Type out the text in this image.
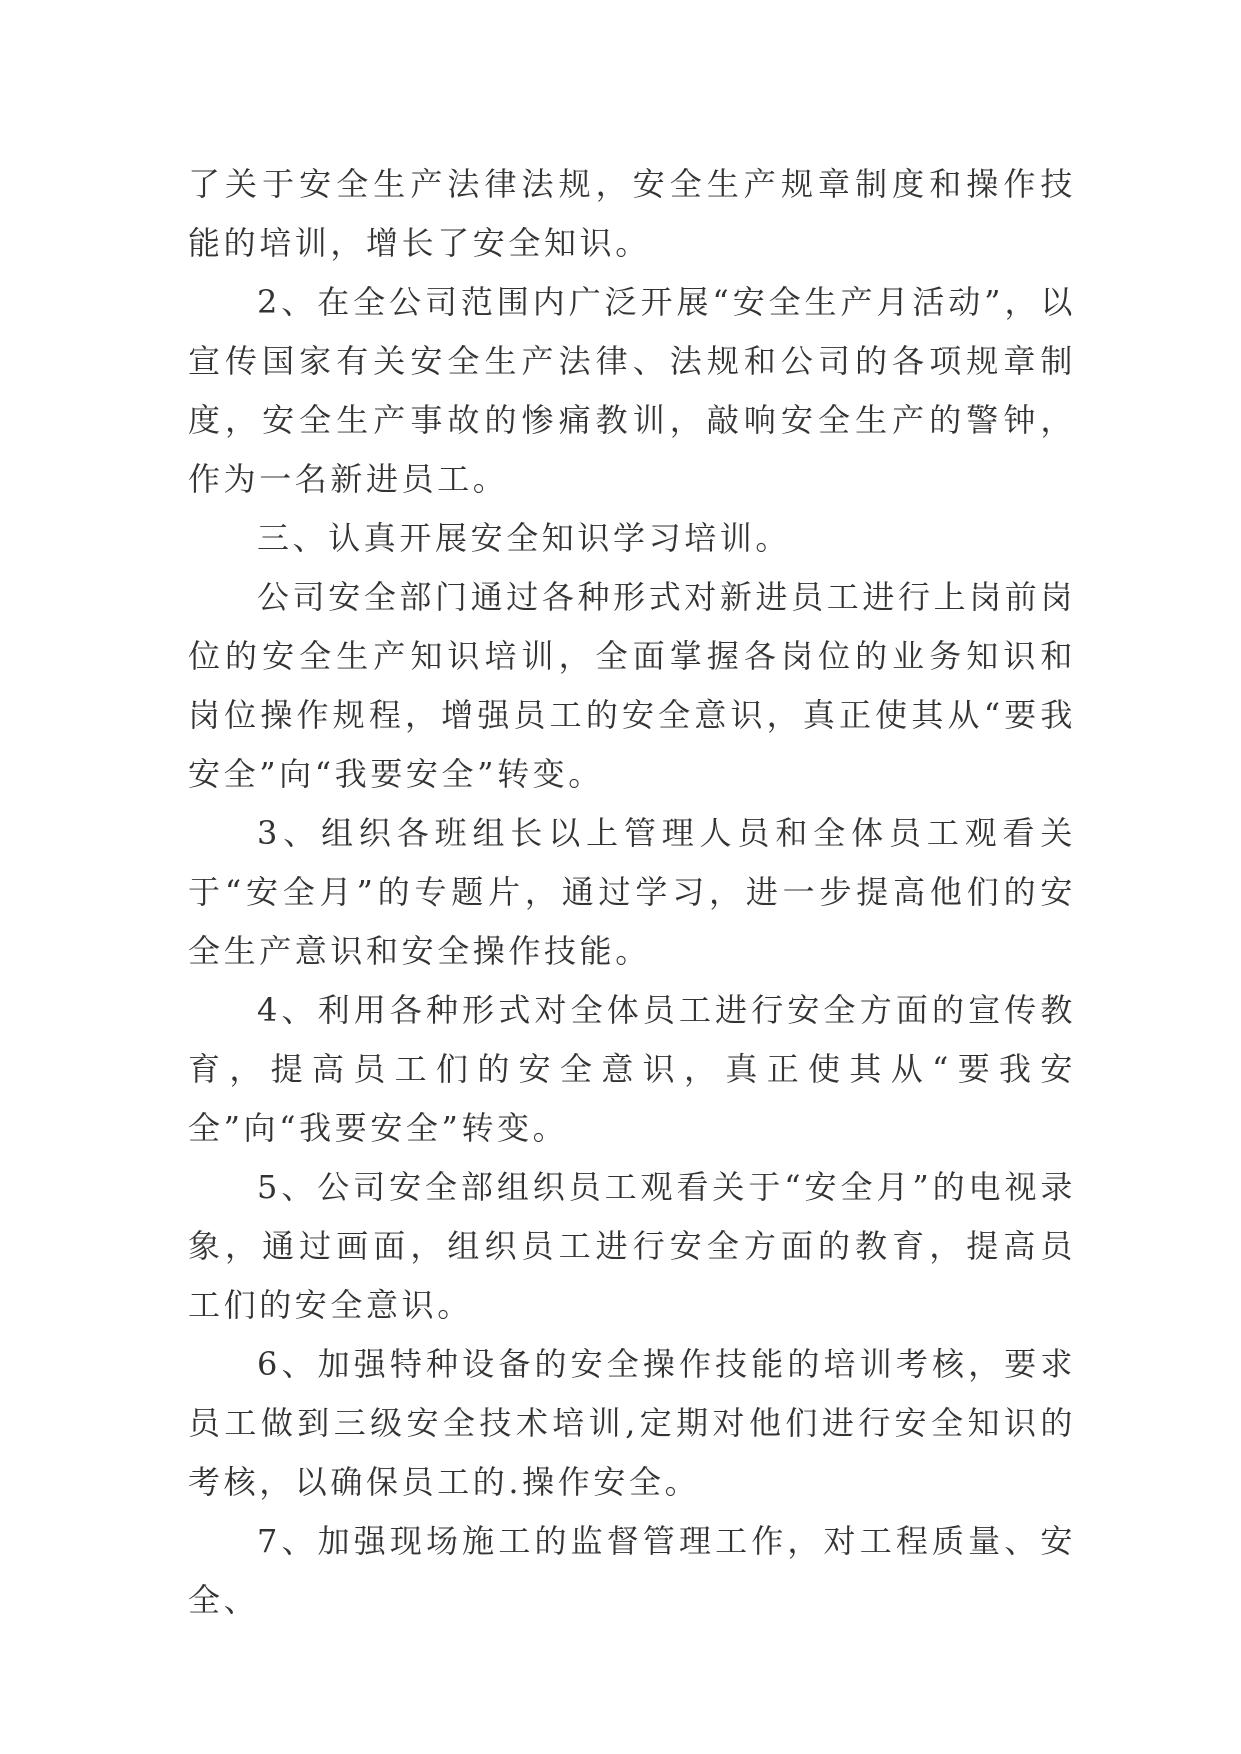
了关于安全生产法律法规，安全生产规章制度和操作技能的培训，增长了安全知识。

2、在全公司范围内广泛开展“安全生产月活动”，以宣传国家有关安全生产法律、法规和公司的各项规章制度，安全生产事故的惨痛教训，敲响安全生产的警钟，作为一名新进员工。

三、认真开展安全知识学习培训。

公司安全部门通过各种形式对新进员工进行上岗前岗位的安全生产知识培训，全面掌握各岗位的业务知识和岗位操作规程，增强员工的安全意识，真正使其从“要我安全”向“我要安全”转变。

3、组织各班组长以上管理人员和全体员工观看关于“安全月”的专题片，通过学习，进一步提高他们的安全生产意识和安全操作技能。

4、利用各种形式对全体员工进行安全方面的宣传教育，提高员工们的安全意识，真正使其从“要我安全”向“我要安全”转变。

5、公司安全部组织员工观看关于“安全月”的电视录象，通过画面，组织员工进行安全方面的教育，提高员工们的安全意识。

6、加强特种设备的安全操作技能的培训考核，要求员工做到三级安全技术培训,定期对他们进行安全知识的考核，以确保员工的.操作安全。

7、加强现场施工的监督管理工作，对工程质量、安全、
